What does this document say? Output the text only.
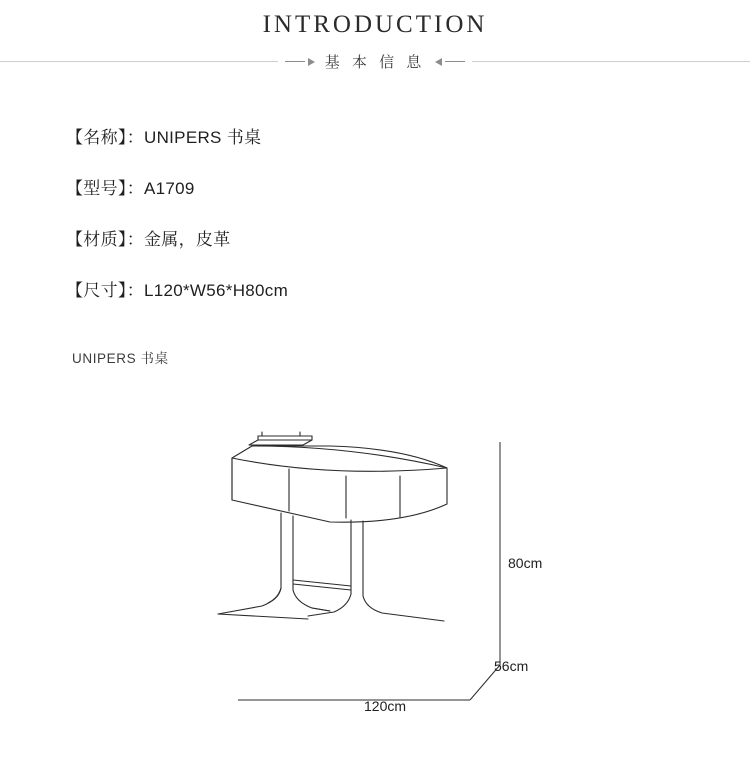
INTRODUCTION
基 本 信 息
【名称】：UNIPERS 书桌
【型号】：A1709
【材质】：金属，皮革
【尺寸】：L120*W56*H80cm
UNIPERS 书桌
80cm
56cm
120cm
